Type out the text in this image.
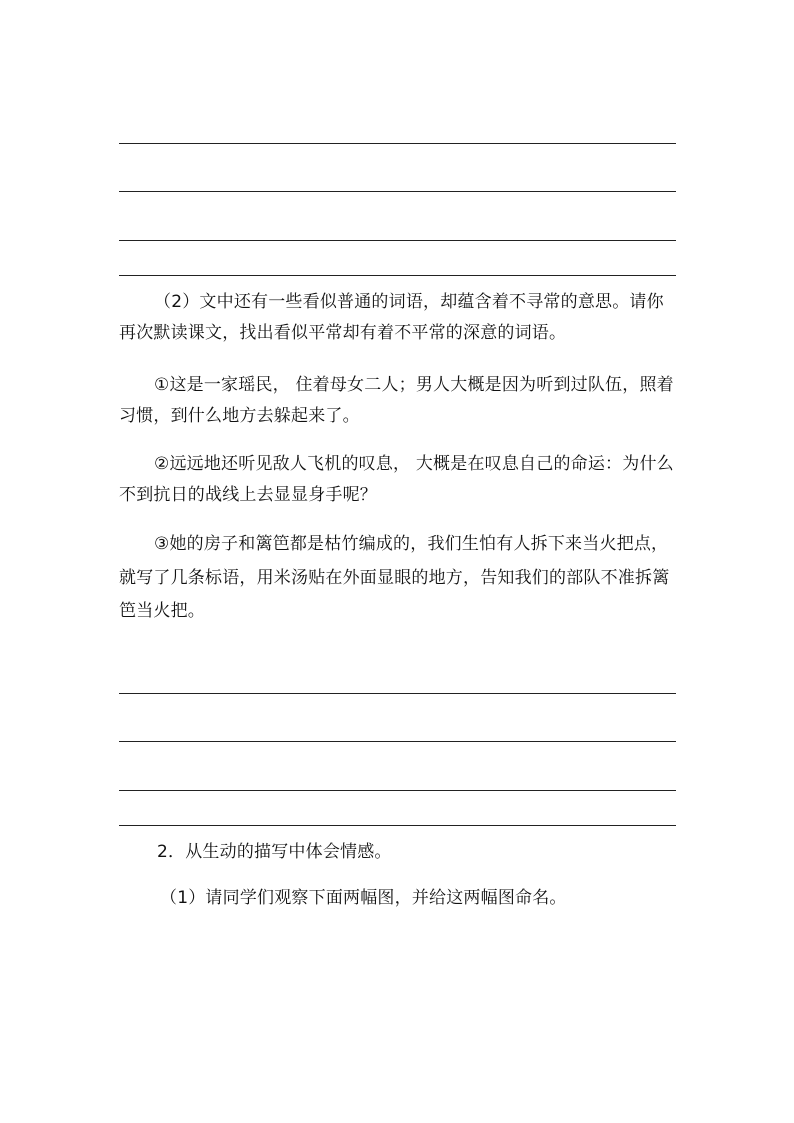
（2）文中还有一些看似普通的词语，却蕴含着不寻常的意思。请你
再次默读课文，找出看似平常却有着不平常的深意的词语。
①这是一家瑶民， 住着母女二人；男人大概是因为听到过队伍，照着
习惯，到什么地方去躲起来了。
②远远地还听见敌人飞机的叹息， 大概是在叹息自己的命运：为什么
不到抗日的战线上去显显身手呢？
③她的房子和篱笆都是枯竹编成的，我们生怕有人拆下来当火把点，
就写了几条标语，用米汤贴在外面显眼的地方，告知我们的部队不准拆篱
笆当火把。
2．从生动的描写中体会情感。
（1）请同学们观察下面两幅图，并给这两幅图命名。
